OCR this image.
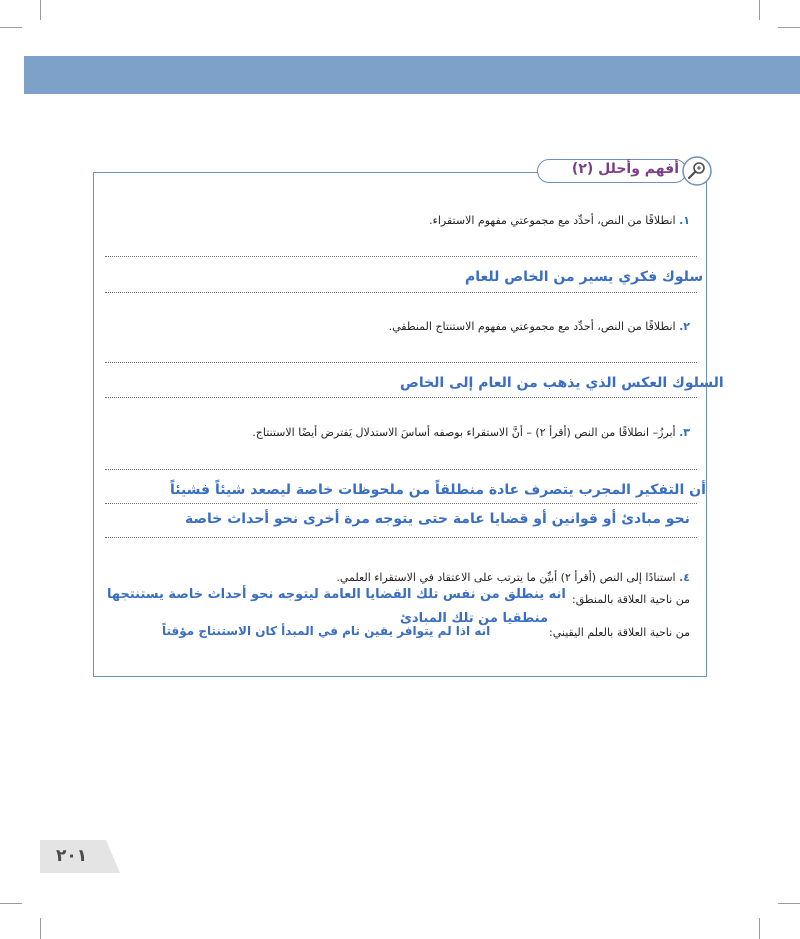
أفهم وأحلل (٢)
١. انطلاقًا من النص، أحدِّد مع مجموعتي مفهوم الاستقراء.
سلوك فكري يسير من الخاص للعام
٢. انطلاقًا من النص، أحدِّد مع مجموعتي مفهوم الاستنتاج المنطقي.
السلوك العكس الذي يذهب من العام إلى الخاص
٣. أبرزُ– انطلاقًا من النص (أقرأ ٢) – أنَّ الاستقراء بوصفه أساسَ الاستدلال يَفترض أيضًا الاستنتاج.
أن التفكير المجرب يتصرف عادة منطلقاً من ملحوظات خاصة ليصعد شيئاً فشيئاً
نحو مبادئ أو قوانين أو قضايا عامة حتى يتوجه مرة أخرى نحو أحداث خاصة
٤. استنادًا إلى النص (أقرأ ٢) أبيِّن ما يترتب على الاعتقاد في الاستقراء العلمي.
من ناحية العلاقة بالمنطق:
انه ينطلق من نفس تلك القضايا العامة ليتوجه نحو أحداث خاصة يستنتجها
منطقيا من تلك المبادئ
من ناحية العلاقة بالعلم اليقيني:
انه اذا لم يتوافر يقين تام في المبدأ كان الاستنتاج مؤقتاً
٢٠١
